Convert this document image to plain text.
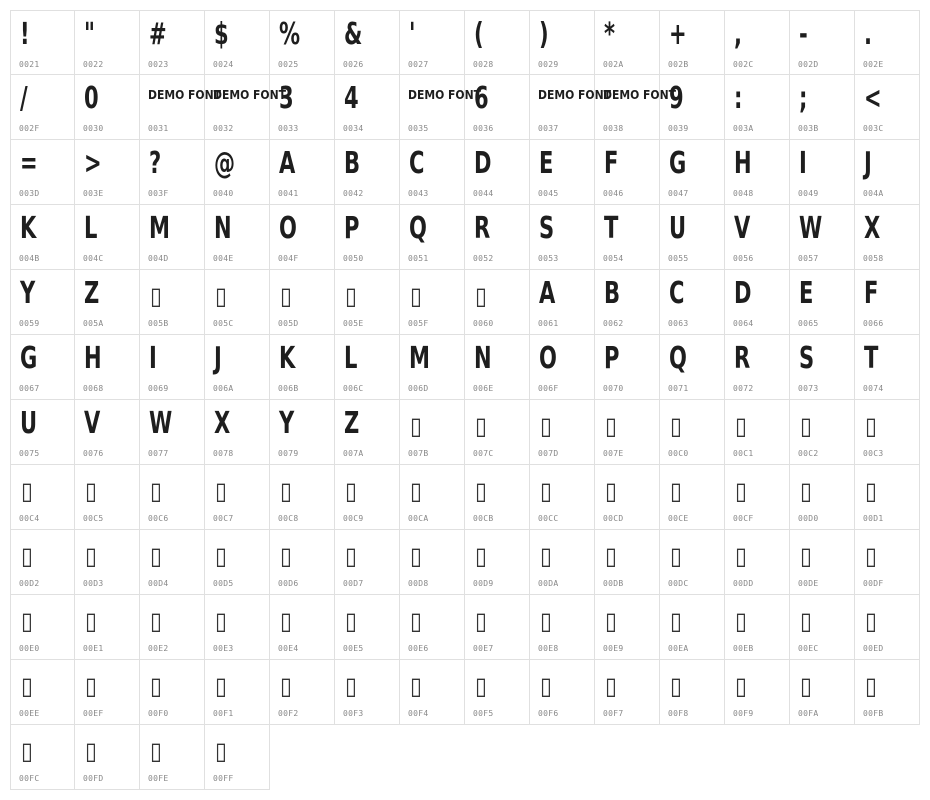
!
0021
"
0022
#
0023
$
0024
%
0025
&
0026
'
0027
(
0028
)
0029
*
002A
+
002B
,
002C
-
002D
.
002E
/
002F
0
0030
DEMO FONT
0031
DEMO FONT
0032
3
0033
4
0034
DEMO FONT
0035
6
0036
DEMO FONT
0037
DEMO FONT
0038
9
0039
:
003A
;
003B
<
003C
=
003D
>
003E
?
003F
@
0040
A
0041
B
0042
C
0043
D
0044
E
0045
F
0046
G
0047
H
0048
I
0049
J
004A
K
004B
L
004C
M
004D
N
004E
O
004F
P
0050
Q
0051
R
0052
S
0053
T
0054
U
0055
V
0056
W
0057
X
0058
Y
0059
Z
005A
▯
005B
▯
005C
▯
005D
▯
005E
▯
005F
▯
0060
A
0061
B
0062
C
0063
D
0064
E
0065
F
0066
G
0067
H
0068
I
0069
J
006A
K
006B
L
006C
M
006D
N
006E
O
006F
P
0070
Q
0071
R
0072
S
0073
T
0074
U
0075
V
0076
W
0077
X
0078
Y
0079
Z
007A
▯
007B
▯
007C
▯
007D
▯
007E
▯
00C0
▯
00C1
▯
00C2
▯
00C3
▯
00C4
▯
00C5
▯
00C6
▯
00C7
▯
00C8
▯
00C9
▯
00CA
▯
00CB
▯
00CC
▯
00CD
▯
00CE
▯
00CF
▯
00D0
▯
00D1
▯
00D2
▯
00D3
▯
00D4
▯
00D5
▯
00D6
▯
00D7
▯
00D8
▯
00D9
▯
00DA
▯
00DB
▯
00DC
▯
00DD
▯
00DE
▯
00DF
▯
00E0
▯
00E1
▯
00E2
▯
00E3
▯
00E4
▯
00E5
▯
00E6
▯
00E7
▯
00E8
▯
00E9
▯
00EA
▯
00EB
▯
00EC
▯
00ED
▯
00EE
▯
00EF
▯
00F0
▯
00F1
▯
00F2
▯
00F3
▯
00F4
▯
00F5
▯
00F6
▯
00F7
▯
00F8
▯
00F9
▯
00FA
▯
00FB
▯
00FC
▯
00FD
▯
00FE
▯
00FF
